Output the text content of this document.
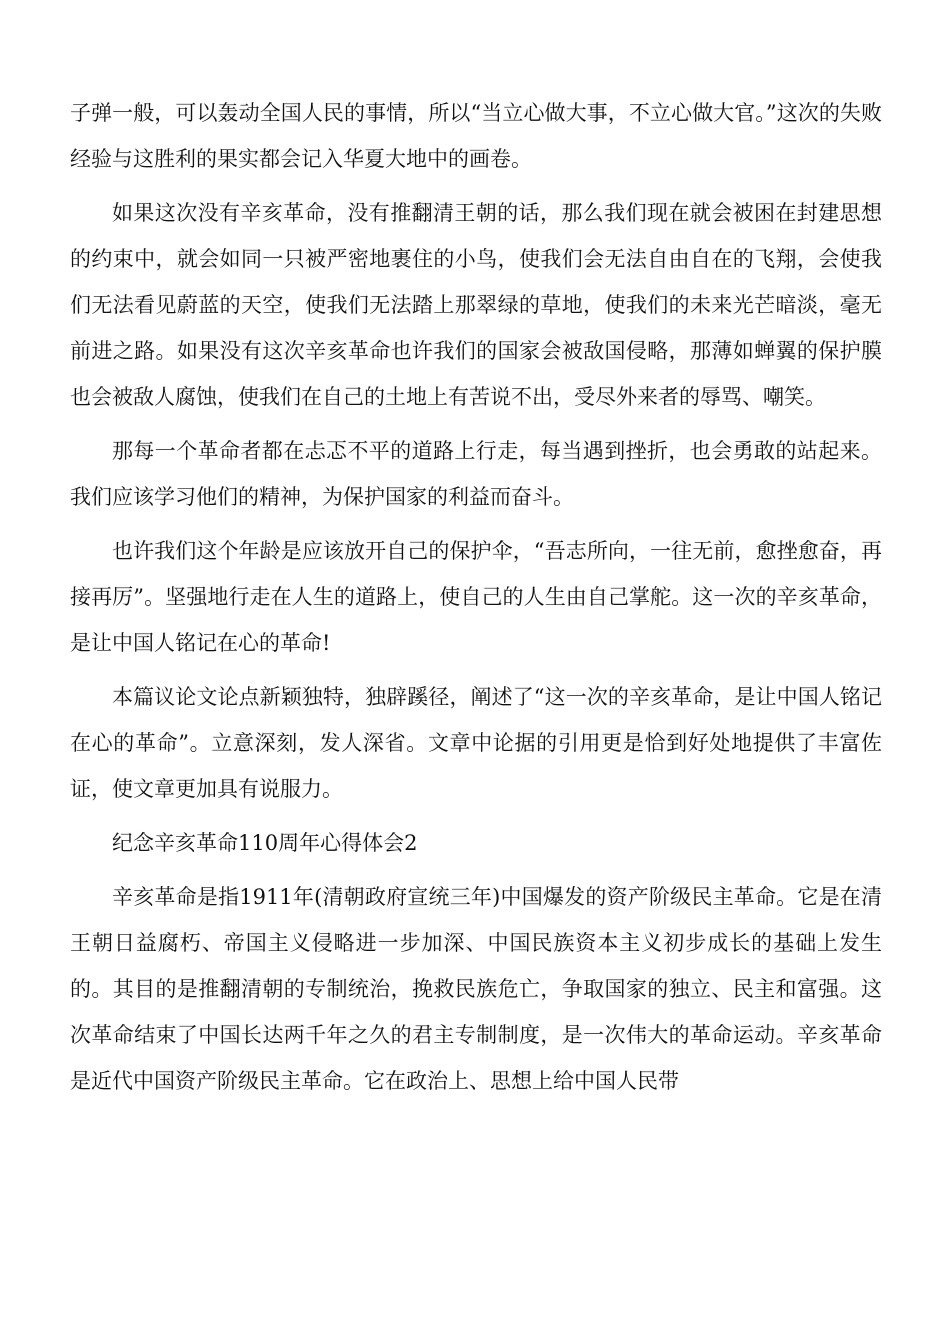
子弹一般，可以轰动全国人民的事情，所以“当立心做大事，不立心做大官。”这次的失败经验与这胜利的果实都会记入华夏大地中的画卷。

如果这次没有辛亥革命，没有推翻清王朝的话，那么我们现在就会被困在封建思想的约束中，就会如同一只被严密地裹住的小鸟，使我们会无法自由自在的飞翔，会使我们无法看见蔚蓝的天空，使我们无法踏上那翠绿的草地，使我们的未来光芒暗淡，毫无前进之路。如果没有这次辛亥革命也许我们的国家会被敌国侵略，那薄如蝉翼的保护膜也会被敌人腐蚀，使我们在自己的土地上有苦说不出，受尽外来者的辱骂、嘲笑。

那每一个革命者都在忐忑不平的道路上行走，每当遇到挫折，也会勇敢的站起来。我们应该学习他们的精神，为保护国家的利益而奋斗。

也许我们这个年龄是应该放开自己的保护伞，“吾志所向，一往无前，愈挫愈奋，再接再厉”。坚强地行走在人生的道路上，使自己的人生由自己掌舵。这一次的辛亥革命，是让中国人铭记在心的革命!

本篇议论文论点新颖独特，独辟蹊径，阐述了“这一次的辛亥革命，是让中国人铭记在心的革命”。立意深刻，发人深省。文章中论据的引用更是恰到好处地提供了丰富佐证，使文章更加具有说服力。

纪念辛亥革命110周年心得体会2

辛亥革命是指1911年(清朝政府宣统三年)中国爆发的资产阶级民主革命。它是在清王朝日益腐朽、帝国主义侵略进一步加深、中国民族资本主义初步成长的基础上发生的。其目的是推翻清朝的专制统治，挽救民族危亡，争取国家的独立、民主和富强。这次革命结束了中国长达两千年之久的君主专制制度，是一次伟大的革命运动。辛亥革命是近代中国资产阶级民主革命。它在政治上、思想上给中国人民带
